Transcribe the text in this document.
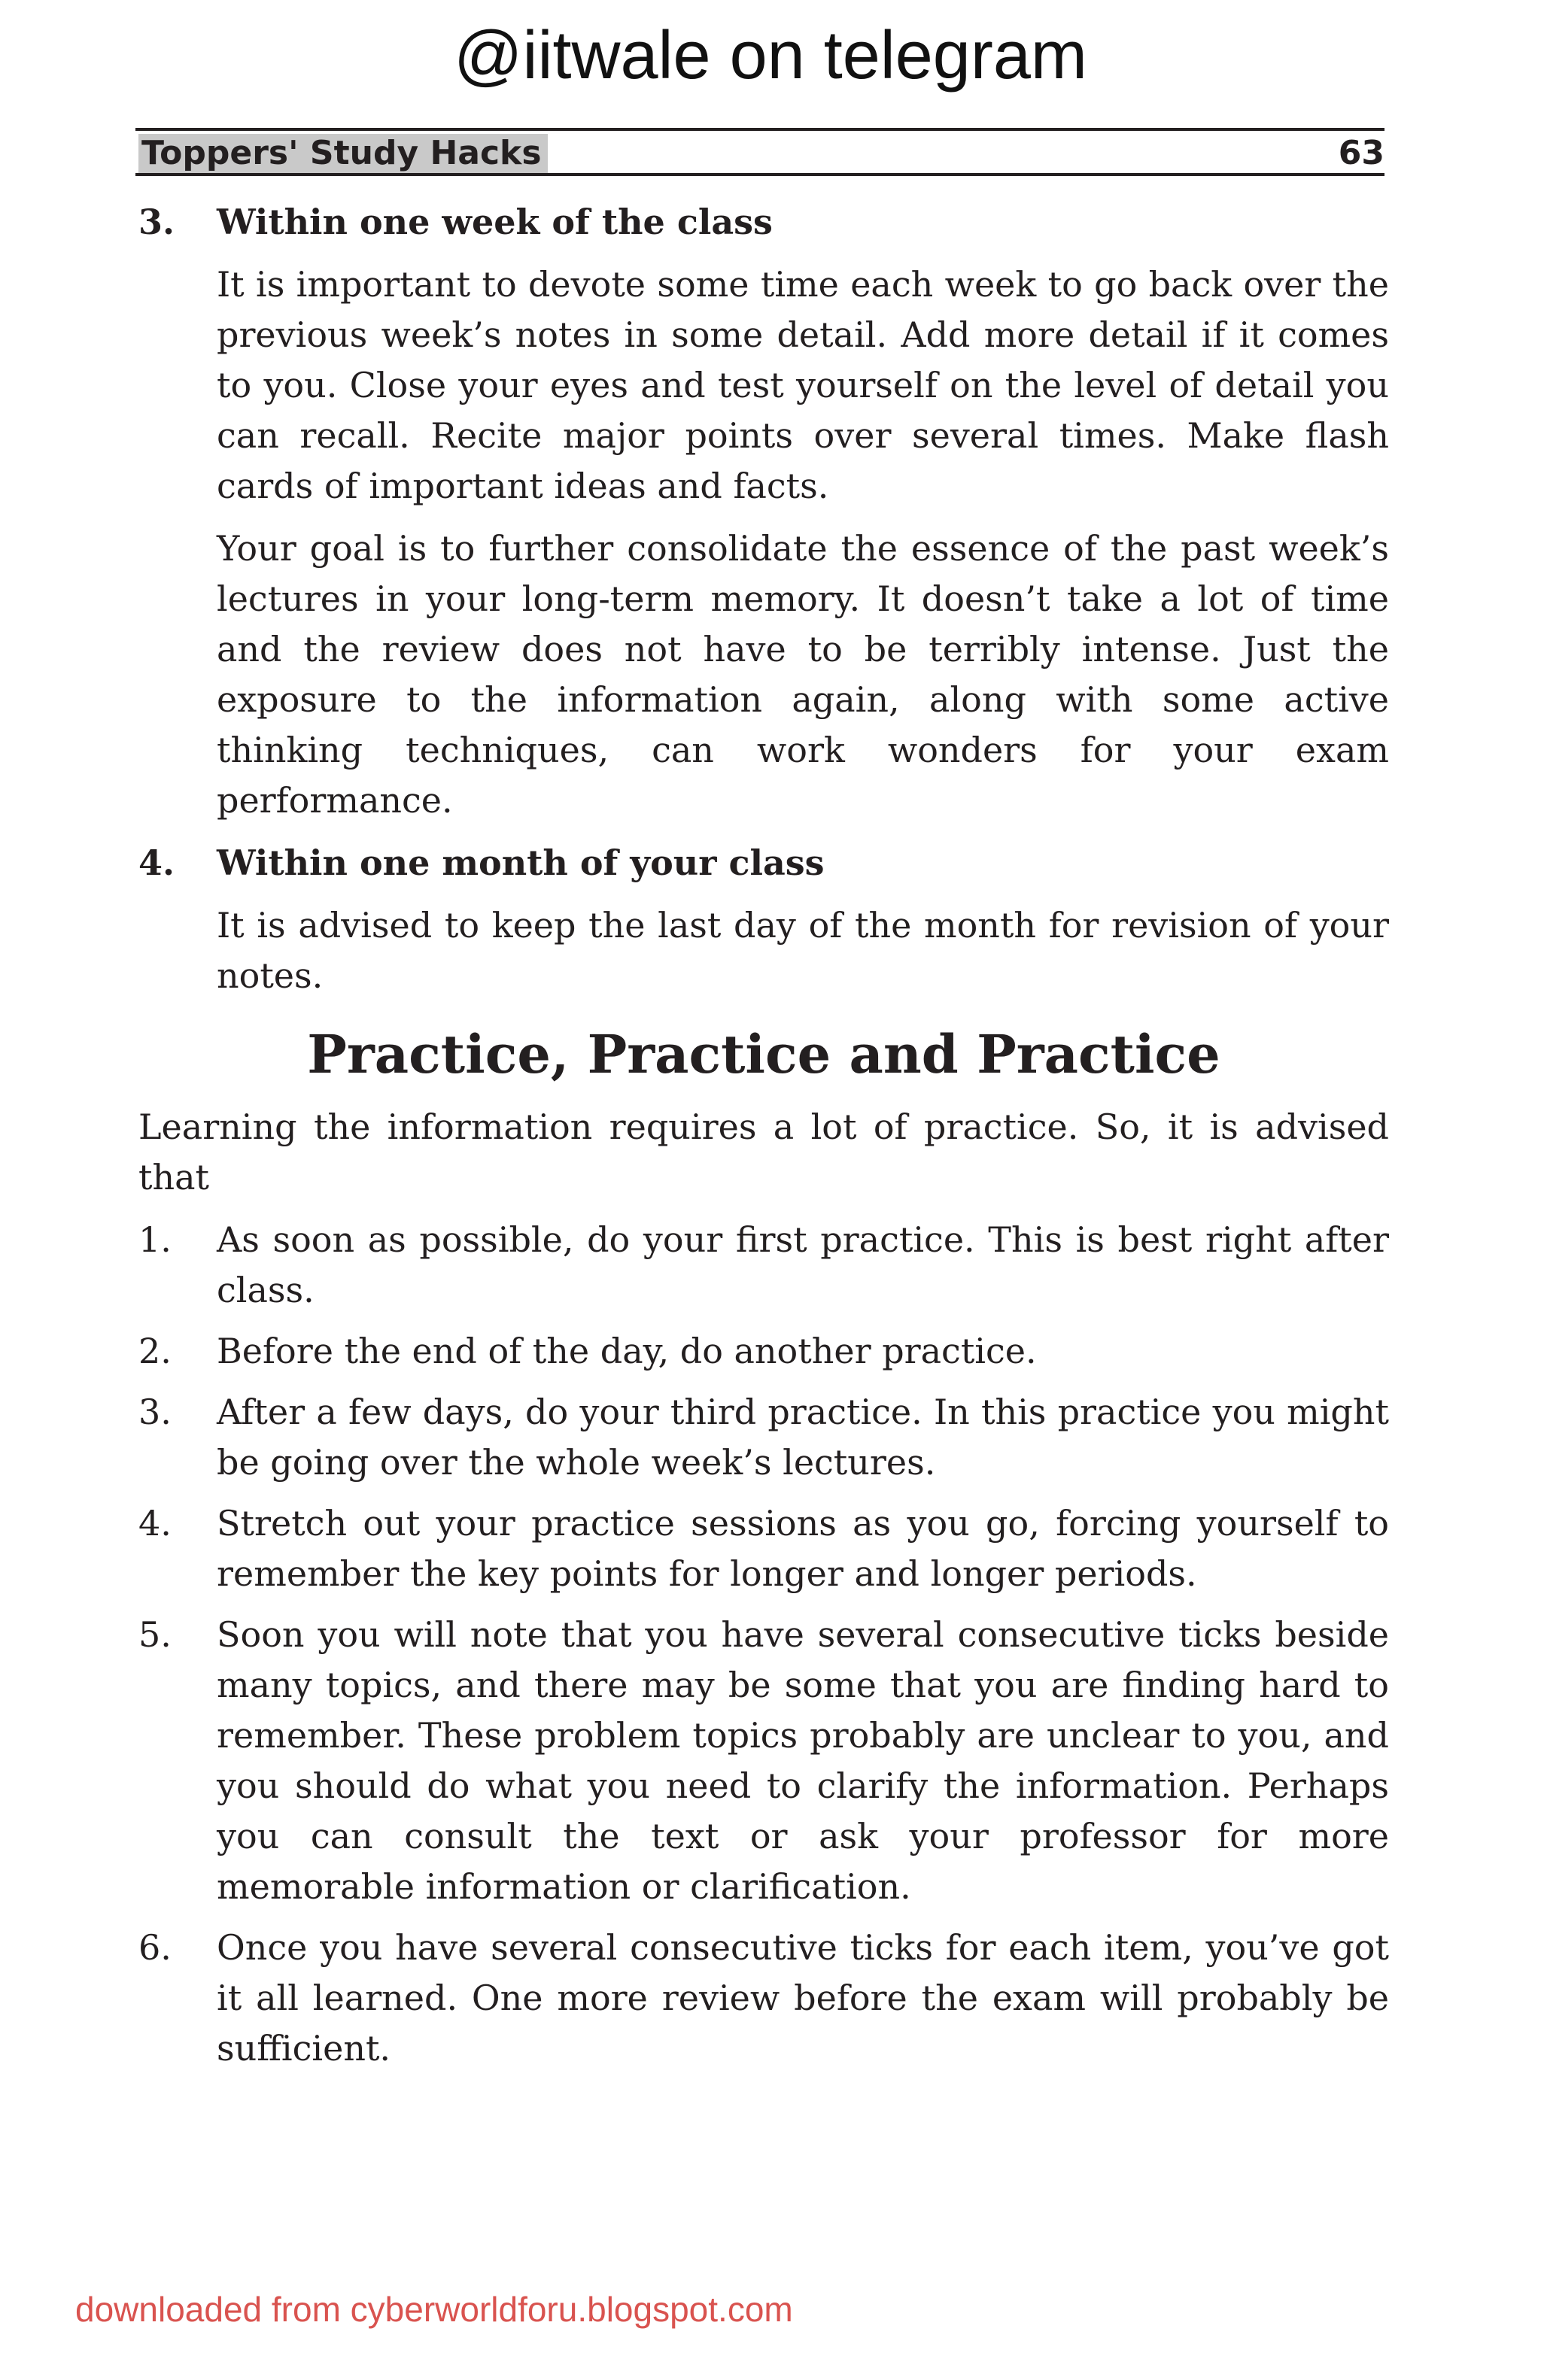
@iitwale on telegram
Toppers' Study Hacks	63
3.	Within one week of the class

It is important to devote some time each week to go back over the previous week’s notes in some detail. Add more detail if it comes to you. Close your eyes and test yourself on the level of detail you can recall. Recite major points over several times. Make flash cards of important ideas and facts.

Your goal is to further consolidate the essence of the past week’s lectures in your long-term memory. It doesn’t take a lot of time and the review does not have to be terribly intense. Just the exposure to the information again, along with some active thinking techniques, can work wonders for your exam performance.

4.	Within one month of your class

It is advised to keep the last day of the month for revision of your notes.

Practice, Practice and Practice

Learning the information requires a lot of practice. So, it is advised that

1.	As soon as possible, do your first practice. This is best right after class.
2.	Before the end of the day, do another practice.
3.	After a few days, do your third practice. In this practice you might be going over the whole week’s lectures.
4.	Stretch out your practice sessions as you go, forcing yourself to remember the key points for longer and longer periods.
5.	Soon you will note that you have several consecutive ticks beside many topics, and there may be some that you are finding hard to remember. These problem topics probably are unclear to you, and you should do what you need to clarify the information. Perhaps you can consult the text or ask your professor for more memorable information or clarification.
6.	Once you have several consecutive ticks for each item, you’ve got it all learned. One more review before the exam will probably be sufficient.
downloaded from cyberworldforu.blogspot.com
